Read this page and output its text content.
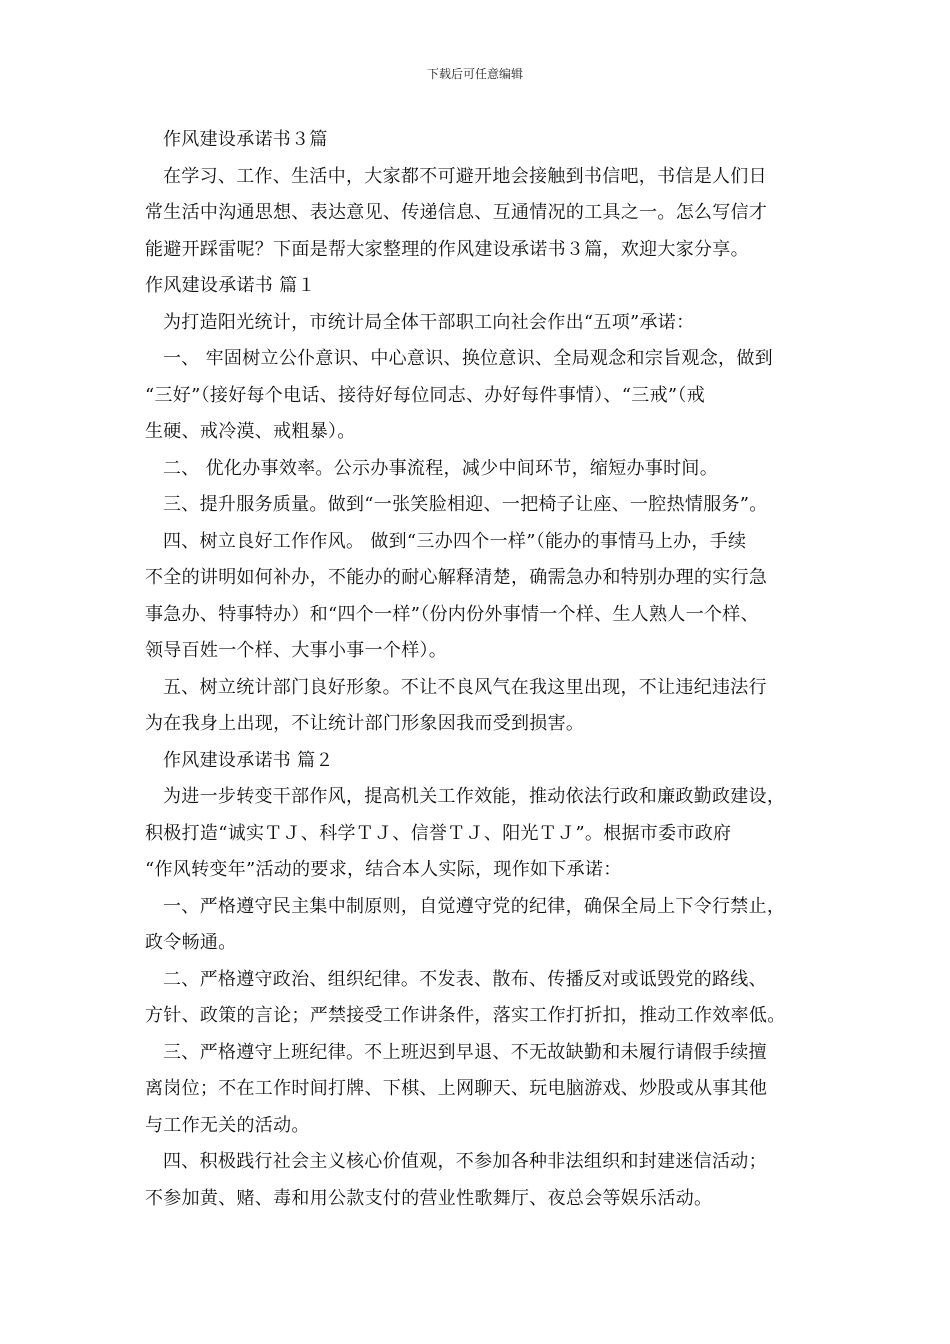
下载后可任意编辑
作风建设承诺书３篇
在学习、工作、生活中，大家都不可避开地会接触到书信吧，书信是人们日
常生活中沟通思想、表达意见、传递信息、互通情况的工具之一。怎么写信才
能避开踩雷呢？下面是帮大家整理的作风建设承诺书３篇，欢迎大家分享。
作风建设承诺书 篇１
为打造阳光统计，市统计局全体干部职工向社会作出“五项”承诺：
一、 牢固树立公仆意识、中心意识、换位意识、全局观念和宗旨观念，做到
“三好”（接好每个电话、接待好每位同志、办好每件事情）、“三戒”（戒
生硬、戒冷漠、戒粗暴）。
二、 优化办事效率。公示办事流程，减少中间环节，缩短办事时间。
三、提升服务质量。做到“一张笑脸相迎、一把椅子让座、一腔热情服务”。
四、树立良好工作作风。 做到“三办四个一样”（能办的事情马上办，手续
不全的讲明如何补办，不能办的耐心解释清楚，确需急办和特别办理的实行急
事急办、特事特办）和“四个一样”（份内份外事情一个样、生人熟人一个样、
领导百姓一个样、大事小事一个样）。
五、树立统计部门良好形象。不让不良风气在我这里出现，不让违纪违法行
为在我身上出现，不让统计部门形象因我而受到损害。
作风建设承诺书 篇２
为进一步转变干部作风，提高机关工作效能，推动依法行政和廉政勤政建设，
积极打造“诚实ＴＪ、科学ＴＪ、信誉ＴＪ、阳光ＴＪ”。根据市委市政府
“作风转变年”活动的要求，结合本人实际，现作如下承诺：
一、严格遵守民主集中制原则，自觉遵守党的纪律，确保全局上下令行禁止，
政令畅通。
二、严格遵守政治、组织纪律。不发表、散布、传播反对或诋毁党的路线、
方针、政策的言论；严禁接受工作讲条件，落实工作打折扣，推动工作效率低。
三、严格遵守上班纪律。不上班迟到早退、不无故缺勤和未履行请假手续擅
离岗位；不在工作时间打牌、下棋、上网聊天、玩电脑游戏、炒股或从事其他
与工作无关的活动。
四、积极践行社会主义核心价值观，不参加各种非法组织和封建迷信活动；
不参加黄、赌、毒和用公款支付的营业性歌舞厅、夜总会等娱乐活动。
